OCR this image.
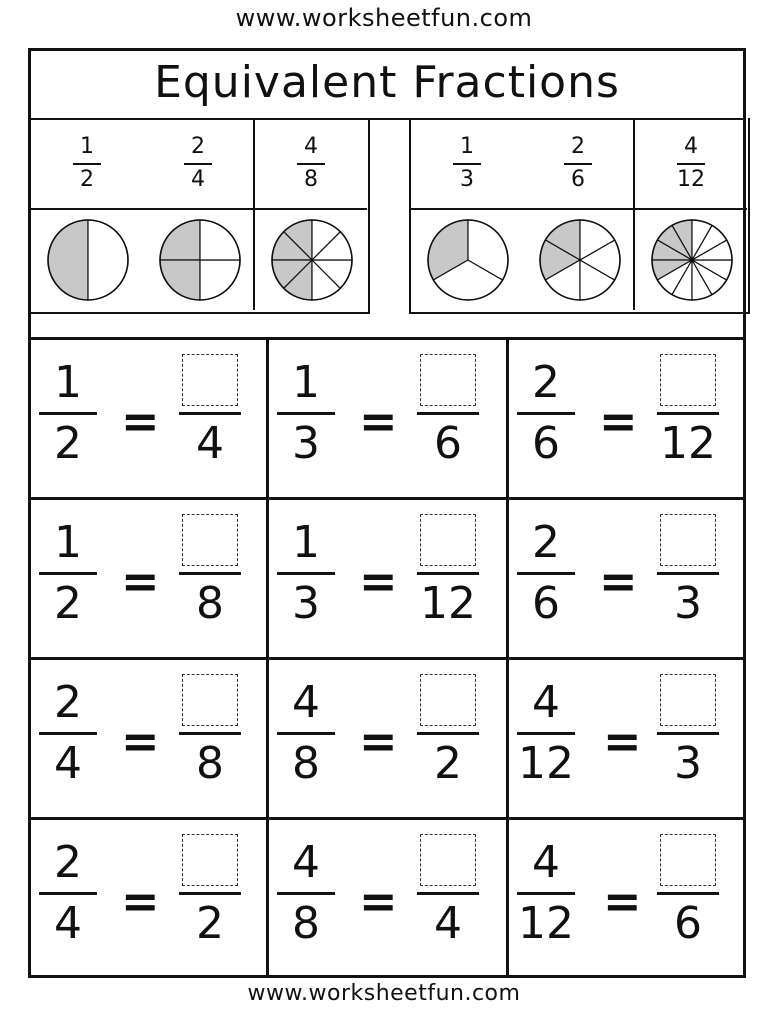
www.worksheetfun.com
Equivalent Fractions
1
2
2
4
4
8
1
3
2
6
4
12
1
2 =
4
1
3 =
6
2
6 =
12
1
2 =
8
1
3 =
12
2
6 =
3
2
4 =
8
4
8 =
2
4
12 =
3
2
4 =
2
4
8 =
4
4
12 =
6
www.worksheetfun.com
